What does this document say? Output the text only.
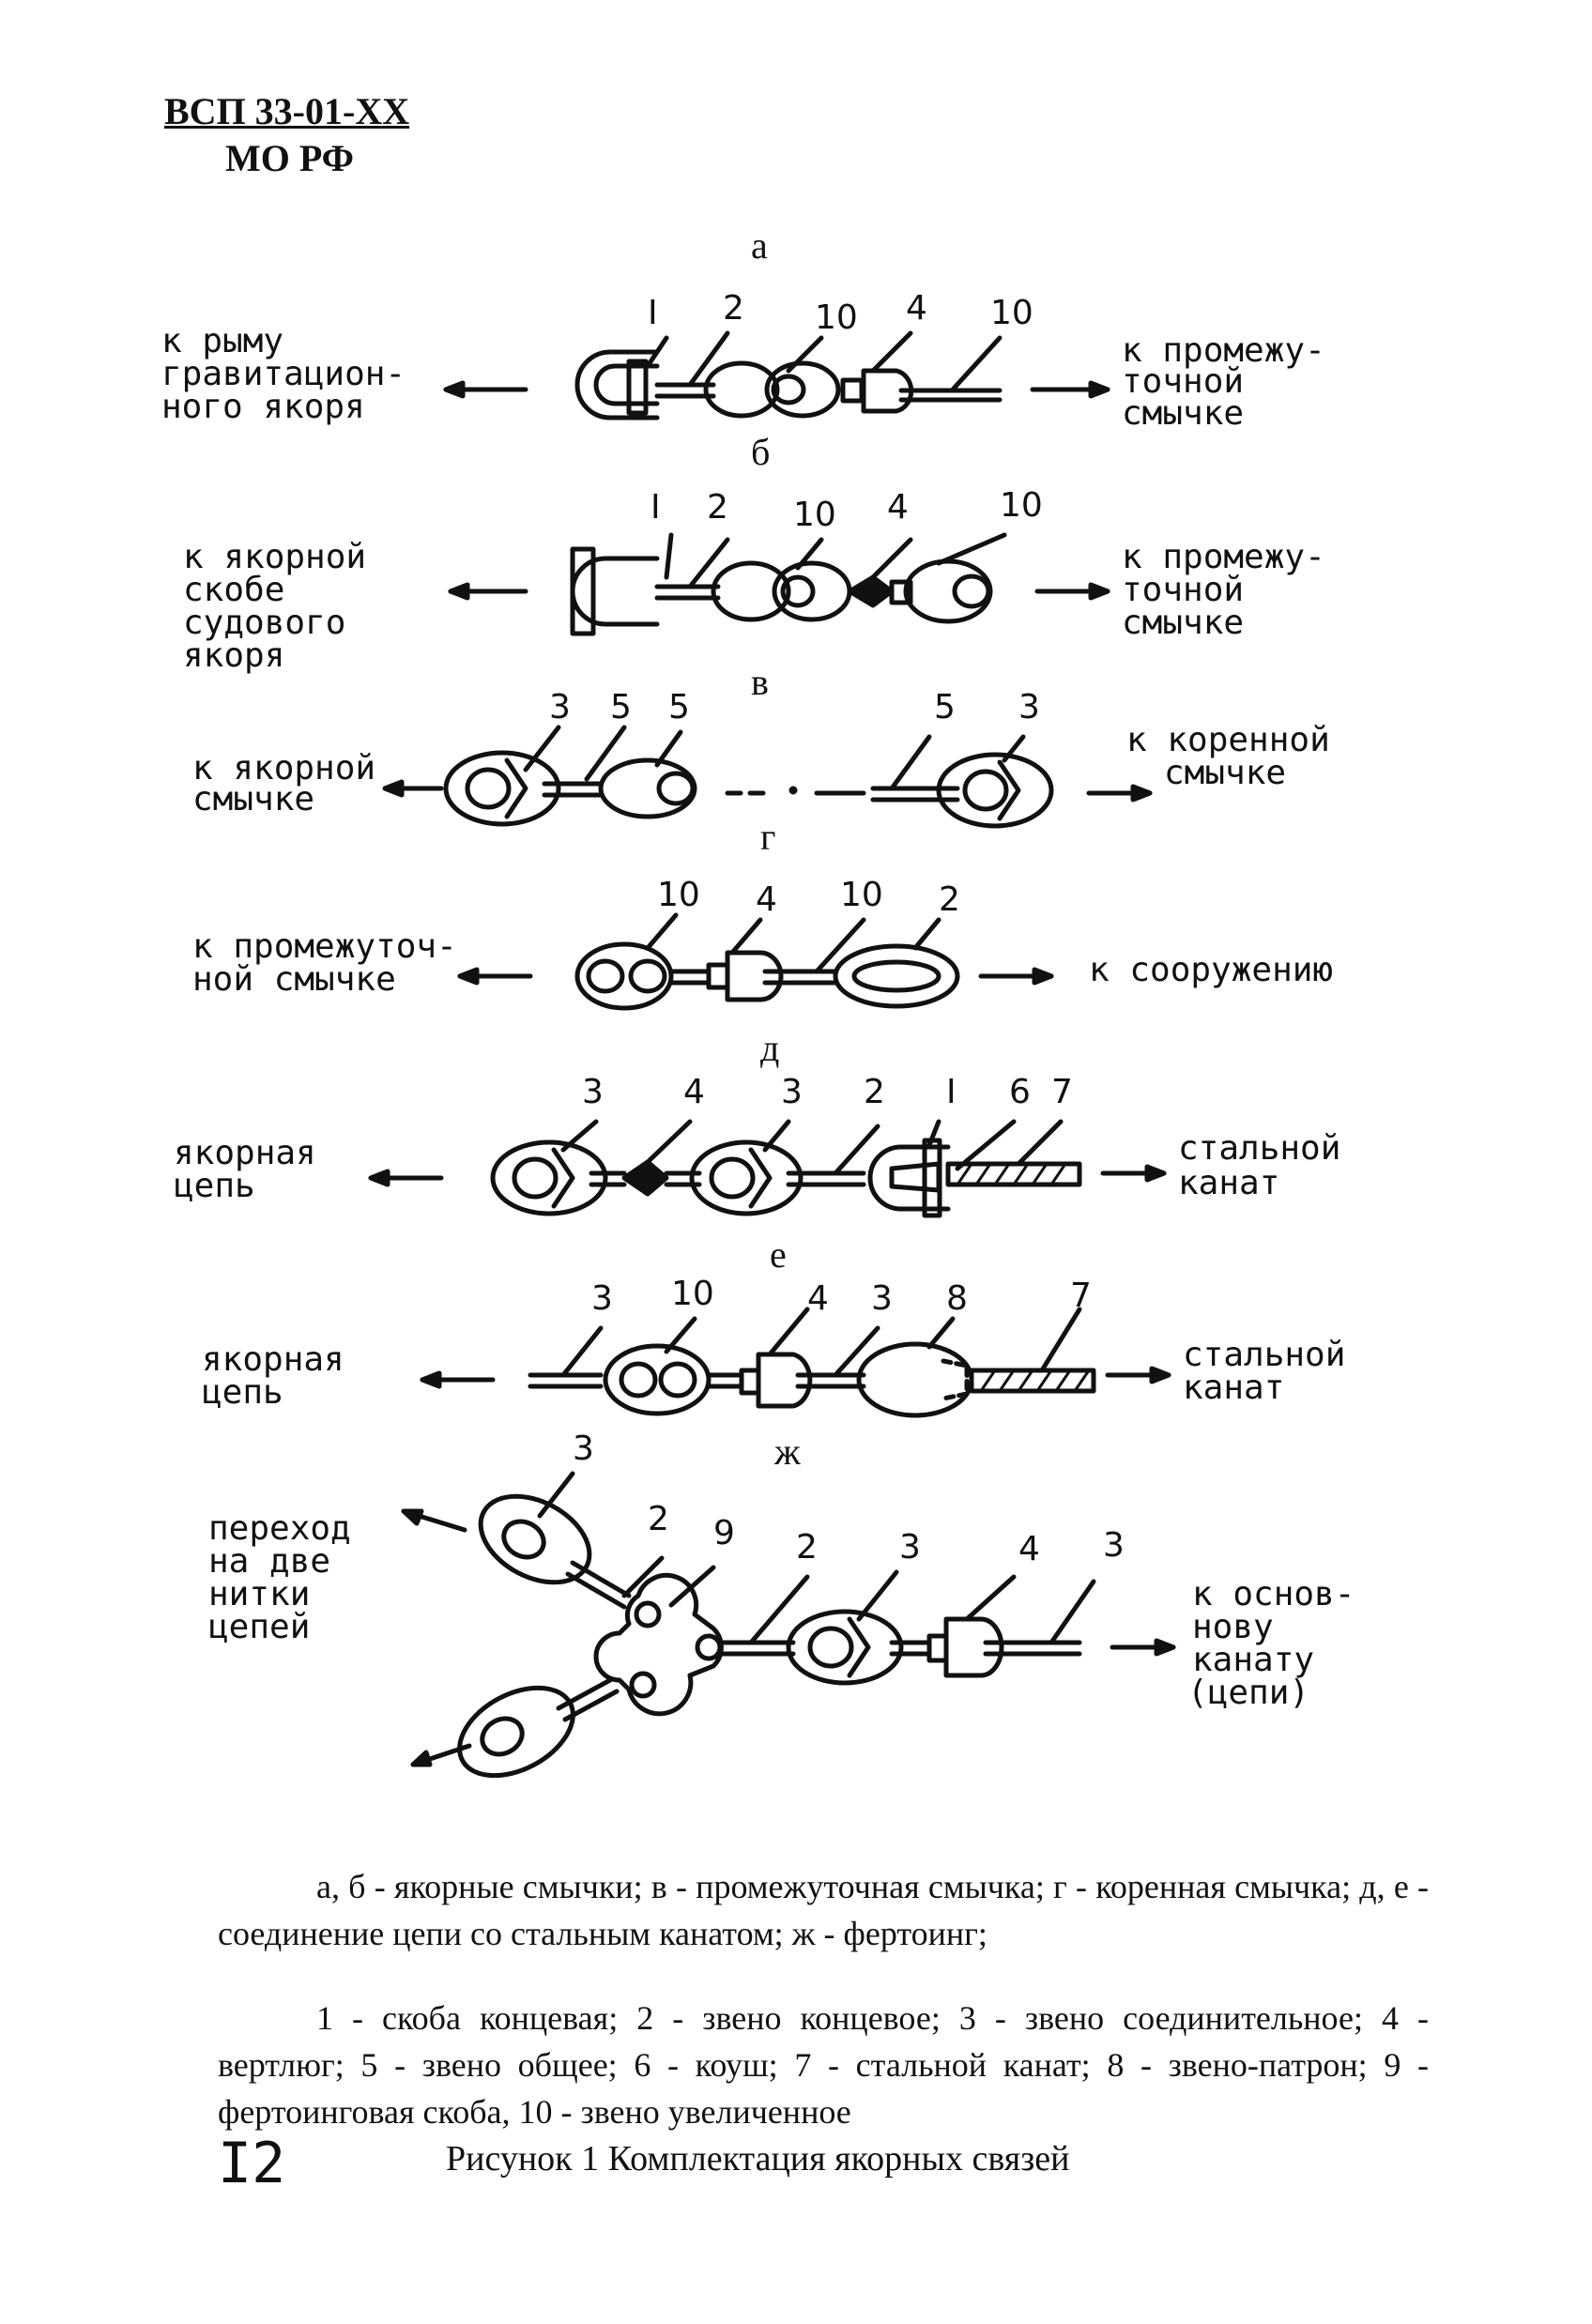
ВСП 33-01-ХХ
МО РФ
а
к рыму гравитацион- ного якоря
к промежу- точной смычке
I 2 10 4 10
б
к якорной скобе судового якоря
к промежу- точной смычке
I 2 10 4	10
в
к якорной смычке
к коренной смычке
3 5 5	5 3
г
к промежуточ- ной смычке	к сооружению
10 4 10 2
д
якорная цепь
стальной канат
3 4 3 2 I 6 7
е
якорная цепь
стальной канат
3 10	4 3 8	7
ж
переход на две нитки цепей
к основ- нову канату (цепи)
3
2 9 2 3	4 3

а, б - якорные смычки; в - промежуточная смычка; г - коренная смычка; д, е - соединение цепи со стальным канатом; ж - фертоинг;

1 - скоба концевая; 2 - звено концевое; 3 - звено соединительное; 4 - вертлюг; 5 - звено общее; 6 - коуш; 7 - стальной канат; 8 - звено-патрон; 9 - фертоинговая скоба, 10 - звено увеличенное

I2	Рисунок 1 Комплектация якорных связей
